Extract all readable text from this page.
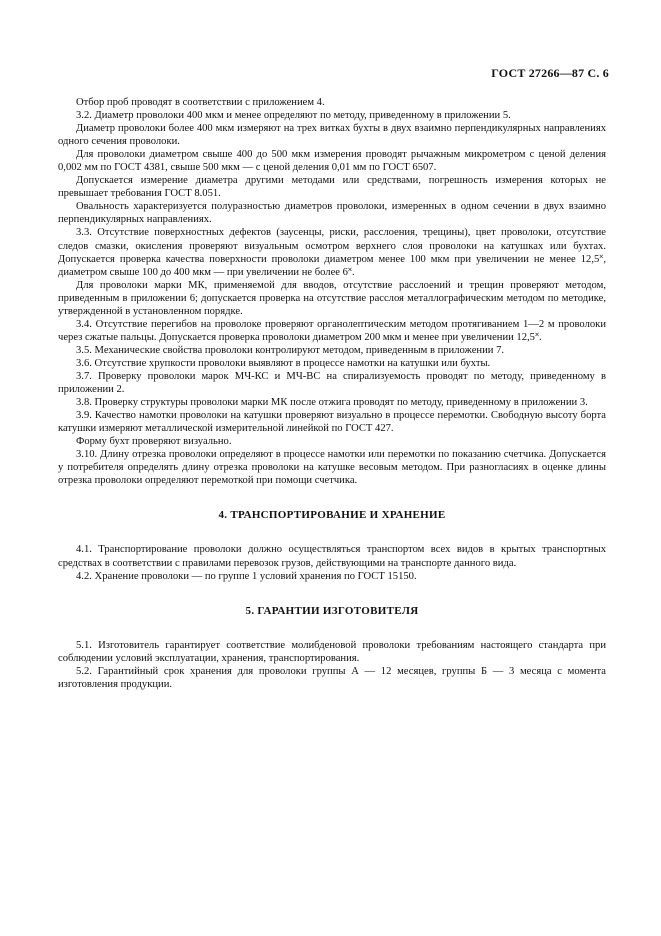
ГОСТ 27266—87 С. 6

Отбор проб проводят в соответствии с приложением 4.

3.2. Диаметр проволоки 400 мкм и менее определяют по методу, приведенному в приложении 5.

Диаметр проволоки более 400 мкм измеряют на трех витках бухты в двух взаимно перпендикулярных направлениях одного сечения проволоки.

Для проволоки диаметром свыше 400 до 500 мкм измерения проводят рычажным микрометром с ценой деления 0,002 мм по ГОСТ 4381, свыше 500 мкм — с ценой деления 0,01 мм по ГОСТ 6507.

Допускается измерение диаметра другими методами или средствами, погрешность измерения которых не превышает требования ГОСТ 8.051.

Овальность характеризуется полуразностью диаметров проволоки, измеренных в одном сечении в двух взаимно перпендикулярных направлениях.

3.3. Отсутствие поверхностных дефектов (заусенцы, риски, расслоения, трещины), цвет проволоки, отсутствие следов смазки, окисления проверяют визуальным осмотром верхнего слоя проволоки на катушках или бухтах. Допускается проверка качества поверхности проволоки диаметром менее 100 мкм при увеличении не менее 12,5˟, диаметром свыше 100 до 400 мкм — при увеличении не более 6˟.

Для проволоки марки МК, применяемой для вводов, отсутствие расслоений и трещин проверяют методом, приведенным в приложении 6; допускается проверка на отсутствие расслоя металлографическим методом по методике, утвержденной в установленном порядке.

3.4. Отсутствие перегибов на проволоке проверяют органолептическим методом протягиванием 1—2 м проволоки через сжатые пальцы. Допускается проверка проволоки диаметром 200 мкм и менее при увеличении 12,5˟.

3.5. Механические свойства проволоки контролируют методом, приведенным в приложении 7.

3.6. Отсутствие хрупкости проволоки выявляют в процессе намотки на катушки или бухты.

3.7. Проверку проволоки марок МЧ-КС и МЧ-ВС на спирализуемость проводят по методу, приведенному в приложении 2.

3.8. Проверку структуры проволоки марки МК после отжига проводят по методу, приведенному в приложении 3.

3.9. Качество намотки проволоки на катушки проверяют визуально в процессе перемотки. Свободную высоту борта катушки измеряют металлической измерительной линейкой по ГОСТ 427.

Форму бухт проверяют визуально.

3.10. Длину отрезка проволоки определяют в процессе намотки или перемотки по показанию счетчика. Допускается у потребителя определять длину отрезка проволоки на катушке весовым методом. При разногласиях в оценке длины отрезка проволоки определяют перемоткой при помощи счетчика.

4. ТРАНСПОРТИРОВАНИЕ И ХРАНЕНИЕ

4.1. Транспортирование проволоки должно осуществляться транспортом всех видов в крытых транспортных средствах в соответствии с правилами перевозок грузов, действующими на транспорте данного вида.

4.2. Хранение проволоки — по группе 1 условий хранения по ГОСТ 15150.

5. ГАРАНТИИ ИЗГОТОВИТЕЛЯ

5.1. Изготовитель гарантирует соответствие молибденовой проволоки требованиям настоящего стандарта при соблюдении условий эксплуатации, хранения, транспортирования.

5.2. Гарантийный срок хранения для проволоки группы А — 12 месяцев, группы Б — 3 месяца с момента изготовления продукции.
